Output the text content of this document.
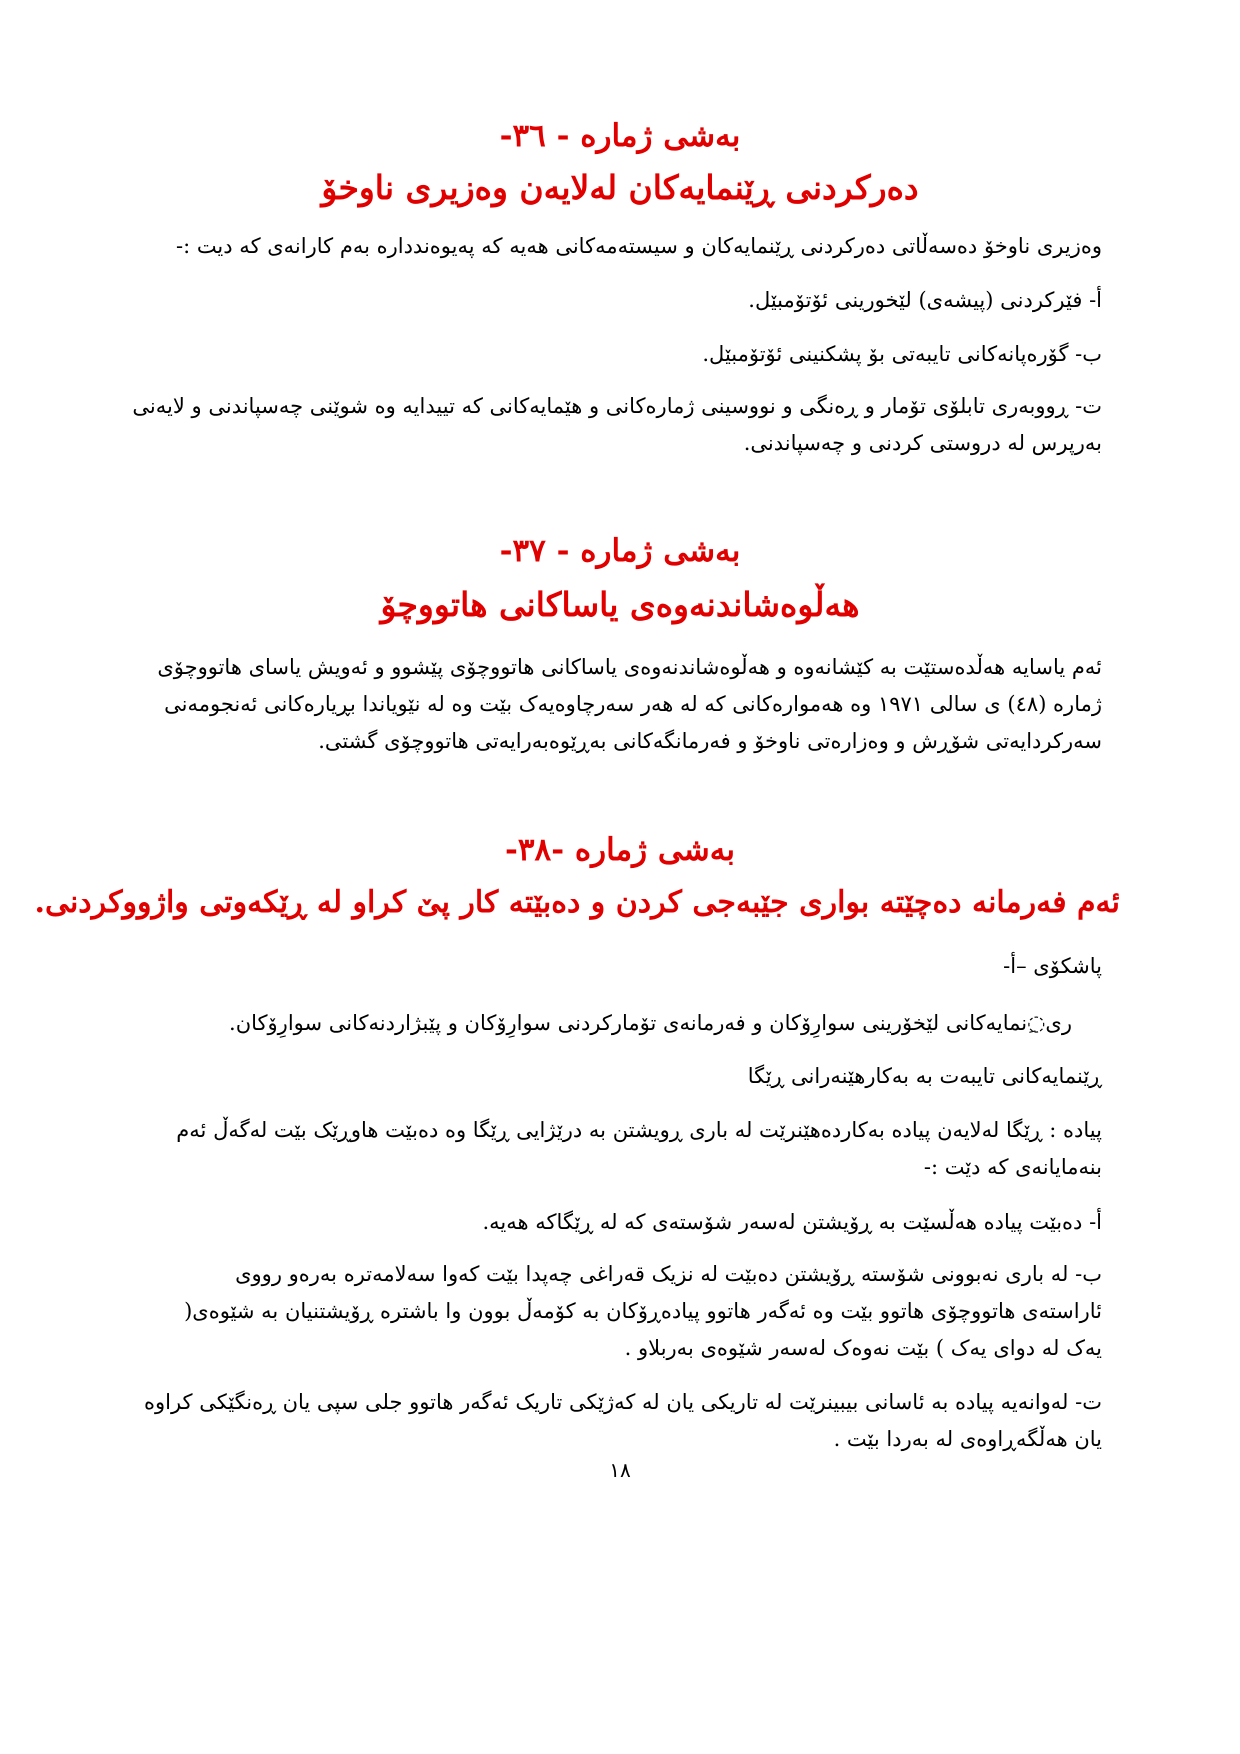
بەشی ژمارە - ٣٦-
دەرکردنی ڕێنمایەکان لەلایەن وەزیری ناوخۆ
وەزیری ناوخۆ دەسەڵاتی دەرکردنی ڕێنمایەکان و سیستەمەکانی هەیە کە پەیوەندداره بەم کارانەی کە دیت :-
أ- فێرکردنی (پیشەی) لێخورینی ئۆتۆمبێل.
ب- گۆرەپانەکانی تایبەتی بۆ پشکنینی ئۆتۆمبێل.
ت- ڕووبەری تابلۆی تۆمار و ڕەنگی و نووسینی ژمارەکانی و هێمایەکانی کە تییدایە وە شوێنی چەسپاندنی و لایەنی بەرپرس لە دروستی کردنی و چەسپاندنی.
بەشی ژمارە - ٣٧-
هەڵوەشاندنەوەی یاساکانی هاتووچۆ
ئەم یاسایە هەڵدەستێت بە کێشانەوە و هەڵوەشاندنەوەی یاساکانی هاتووچۆی پێشوو و ئەویش یاسای هاتووچۆی ژمارە (٤٨) ی سالی ١٩٧١ وە هەموارەکانی کە لە هەر سەرچاوەیەک بێت وە لە نێویاندا بڕیارەکانی ئەنجومەنی سەرکردایەتی شۆڕش و وەزارەتی ناوخۆ و فەرمانگەکانی بەڕێوەبەرایەتی هاتووچۆی گشتی.
بەشی ژمارە -٣٨-
ئەم فەرمانە دەچێتە بواری جێبەجی کردن و دەبێتە کار پێ کراو لە ڕێکەوتی واژووکردنی.
پاشکۆی –أ-
ری◌ِنمایەکانی لێخۆرینی سوارِۆکان و فەرمانەی تۆمارکردنی سوارِۆکان و پێبژاردنەکانی سوارِۆکان.
ڕێنمایەکانی تایبەت بە بەکارهێنەرانی ڕێگا
پیادە : ڕێگا لەلایەن پیادە بەکاردەهێنرێت لە باری ڕویشتن بە درێژایی ڕێگا وە دەبێت هاوڕێک بێت لەگەڵ ئەم بنەمایانەی کە دێت :-
أ- دەبێت پیادە هەڵسێت بە ڕۆیشتن لەسەر شۆستەی کە لە ڕێگاکە هەیە.
ب- لە باری نەبوونی شۆستە ڕۆیشتن دەبێت لە نزیک قەراغی چەپدا بێت کەوا سەلامەتره بەرەو رووی ئاراستەی هاتووچۆی هاتوو بێت وە ئەگەر هاتوو پیادەڕۆکان بە کۆمەڵ بوون وا باشترە ڕۆیشتنیان بە شێوەی( یەک لە دوای یەک ) بێت نەوەک لەسەر شێوەی بەربلاو .
ت- لەوانەیە پیادە بە ئاسانی بیبینرێت لە تاریکی یان لە کەژێکی تاریک ئەگەر هاتوو جلی سپی یان ڕەنگێکی کراوە یان هەڵگەڕاوەی لە بەردا بێت .
١٨
